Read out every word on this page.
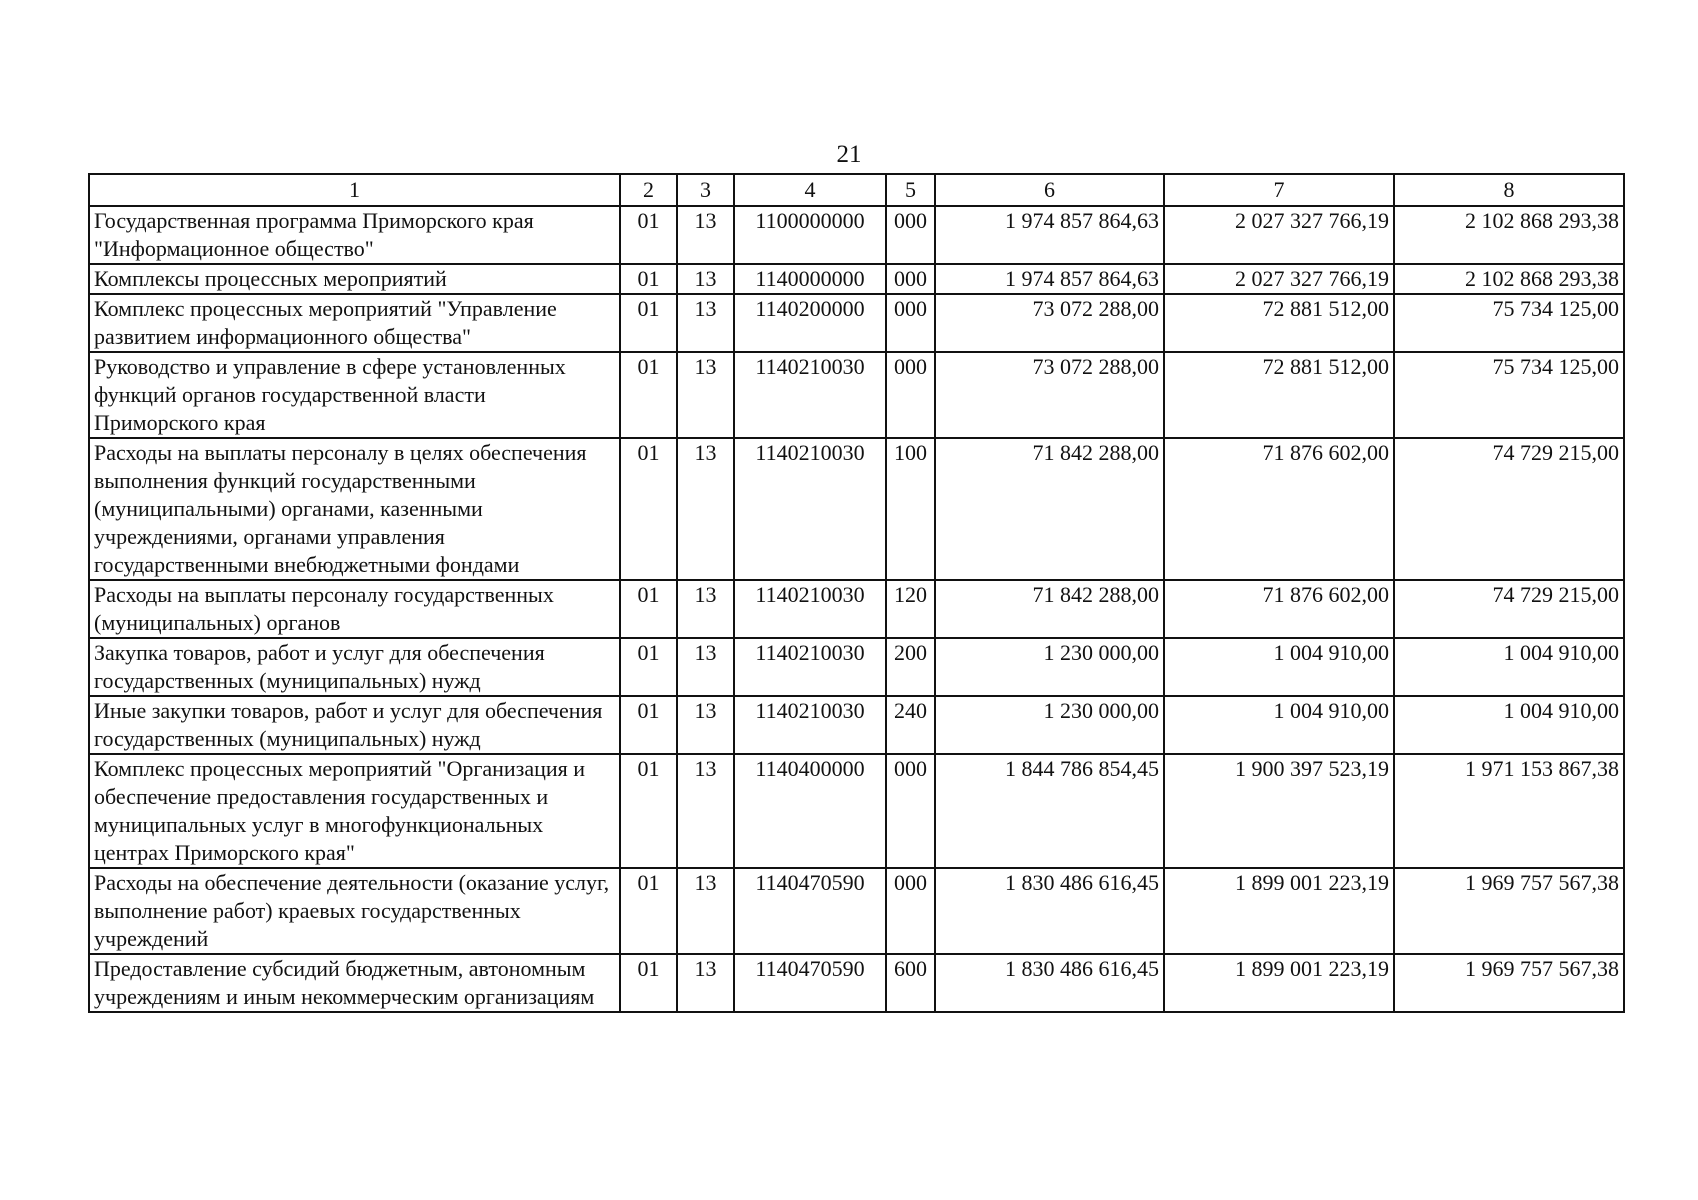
21
1	2	3	4	5	6	7	8
Государственная программа Приморского края "Информационное общество"	01	13	1100000000	000	1 974 857 864,63	2 027 327 766,19	2 102 868 293,38
Комплексы процессных мероприятий	01	13	1140000000	000	1 974 857 864,63	2 027 327 766,19	2 102 868 293,38
Комплекс процессных мероприятий "Управление развитием информационного общества"	01	13	1140200000	000	73 072 288,00	72 881 512,00	75 734 125,00
Руководство и управление в сфере установленных функций органов государственной власти Приморского края	01	13	1140210030	000	73 072 288,00	72 881 512,00	75 734 125,00
Расходы на выплаты персоналу в целях обеспечения выполнения функций государственными (муниципальными) органами, казенными учреждениями, органами управления государственными внебюджетными фондами	01	13	1140210030	100	71 842 288,00	71 876 602,00	74 729 215,00
Расходы на выплаты персоналу государственных (муниципальных) органов	01	13	1140210030	120	71 842 288,00	71 876 602,00	74 729 215,00
Закупка товаров, работ и услуг для обеспечения государственных (муниципальных) нужд	01	13	1140210030	200	1 230 000,00	1 004 910,00	1 004 910,00
Иные закупки товаров, работ и услуг для обеспечения государственных (муниципальных) нужд	01	13	1140210030	240	1 230 000,00	1 004 910,00	1 004 910,00
Комплекс процессных мероприятий "Организация и обеспечение предоставления государственных и муниципальных услуг в многофункциональных центрах Приморского края"	01	13	1140400000	000	1 844 786 854,45	1 900 397 523,19	1 971 153 867,38
Расходы на обеспечение деятельности (оказание услуг, выполнение работ) краевых государственных учреждений	01	13	1140470590	000	1 830 486 616,45	1 899 001 223,19	1 969 757 567,38
Предоставление субсидий бюджетным, автономным учреждениям и иным некоммерческим организациям	01	13	1140470590	600	1 830 486 616,45	1 899 001 223,19	1 969 757 567,38
